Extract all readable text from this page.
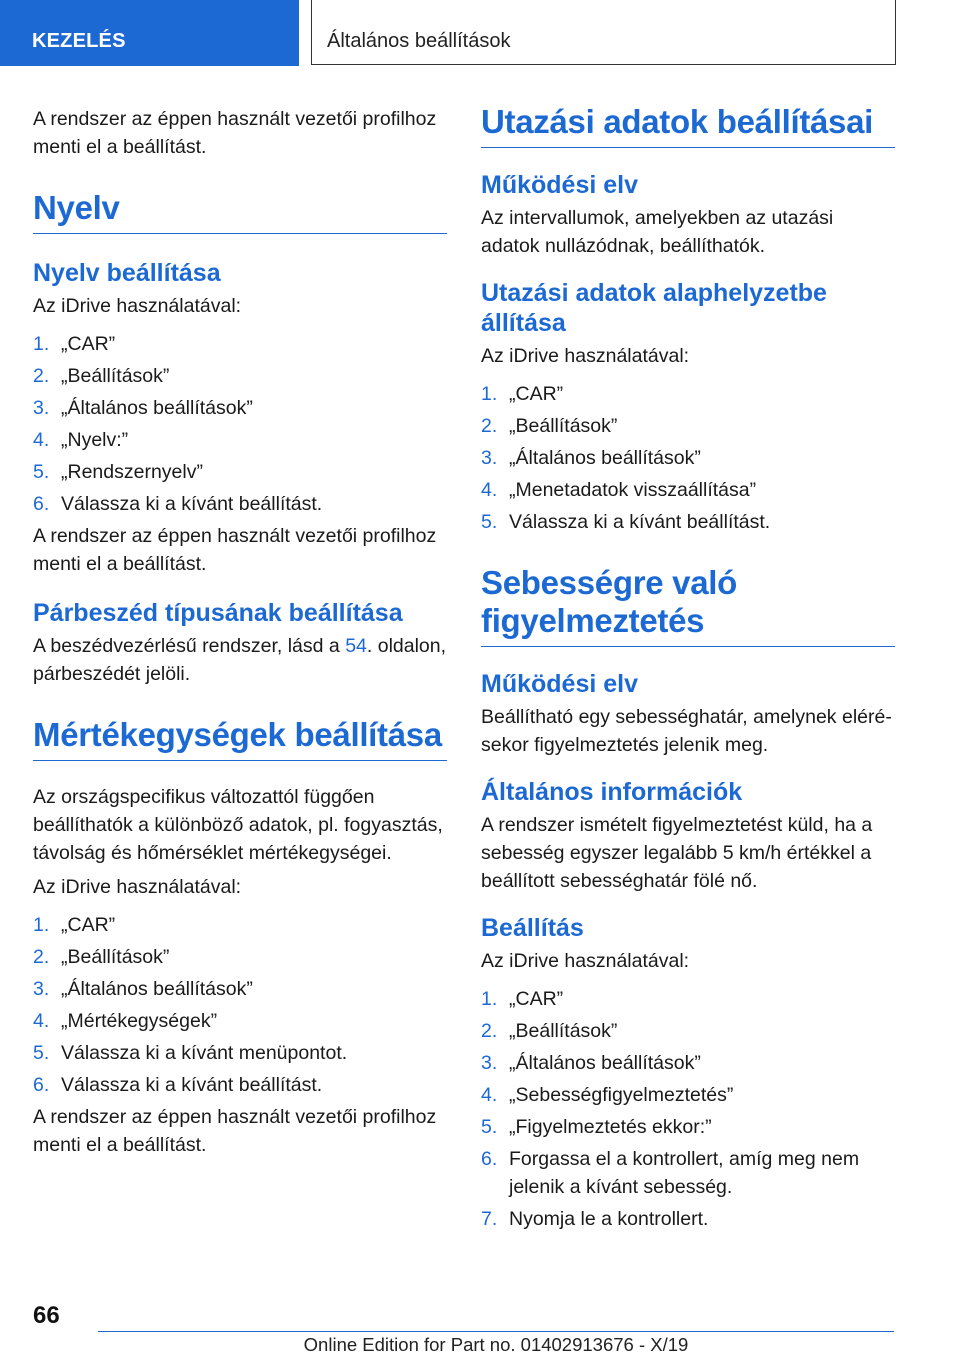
KEZELÉS	Általános beállítások

A rendszer az éppen használt vezetői profilhoz menti el a beállítást.

Nyelv
Nyelv beállítása

Az iDrive használatával:

1. „CAR”
2. „Beállítások”
3. „Általános beállítások”
4. „Nyelv:”
5. „Rendszernyelv”
6. Válassza ki a kívánt beállítást.

A rendszer az éppen használt vezetői profilhoz menti el a beállítást.

Párbeszéd típusának beállítása

A beszédvezérlésű rendszer, lásd a 54. oldalon, párbeszédét jelöli.

Mértékegységek beállítása

Az országspecifikus változattól függően beállíthatók a különböző adatok, pl. fogyasztás, távolság és hőmérséklet mértékegységei.

Az iDrive használatával:

1. „CAR”
2. „Beállítások”
3. „Általános beállítások”
4. „Mértékegységek”
5. Válassza ki a kívánt menüpontot.
6. Válassza ki a kívánt beállítást.

A rendszer az éppen használt vezetői profilhoz menti el a beállítást.

Utazási adatok beállításai
Működési elv

Az intervallumok, amelyekben az utazási adatok nullázódnak, beállíthatók.

Utazási adatok alaphelyzetbe állítása

Az iDrive használatával:

1. „CAR”
2. „Beállítások”
3. „Általános beállítások”
4. „Menetadatok visszaállítása”
5. Válassza ki a kívánt beállítást.
Sebességre való figyelmeztetés
Működési elv

Beállítható egy sebességhatár, amelynek elérésekor figyelmeztetés jelenik meg.

Általános információk

A rendszer ismételt figyelmeztetést küld, ha a sebesség egyszer legalább 5 km/h értékkel a beállított sebességhatár fölé nő.

Beállítás

Az iDrive használatával:

1. „CAR”
2. „Beállítások”
3. „Általános beállítások”
4. „Sebességfigyelmeztetés”
5. „Figyelmeztetés ekkor:”
6. Forgassa el a kontrollert, amíg meg nem jelenik a kívánt sebesség.
7. Nyomja le a kontrollert.
66
Online Edition for Part no. 01402913676 - X/19
